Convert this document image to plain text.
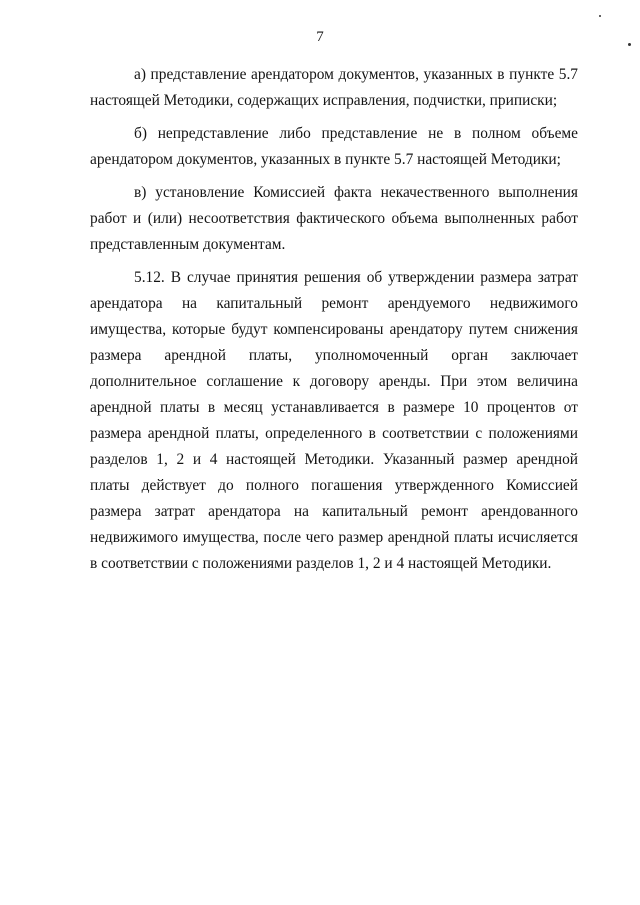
7

а) представление арендатором документов, указанных в пункте 5.7 настоящей Методики, содержащих исправления, подчистки, приписки;

б) непредставление либо представление не в полном объеме арендатором документов, указанных в пункте 5.7 настоящей Методики;

в) установление Комиссией факта некачественного выполнения работ и (или) несоответствия фактического объема выполненных работ представленным документам.

5.12. В случае принятия решения об утверждении размера затрат арендатора на капитальный ремонт арендуемого недвижимого имущества, которые будут компенсированы арендатору путем снижения размера арендной платы, уполномоченный орган заключает дополнительное соглашение к договору аренды. При этом величина арендной платы в месяц устанавливается в размере 10 процентов от размера арендной платы, определенного в соответствии с положениями разделов 1, 2 и 4 настоящей Методики. Указанный размер арендной платы действует до полного погашения утвержденного Комиссией размера затрат арендатора на капитальный ремонт арендованного недвижимого имущества, после чего размер арендной платы исчисляется в соответствии с положениями разделов 1, 2 и 4 настоящей Методики.
